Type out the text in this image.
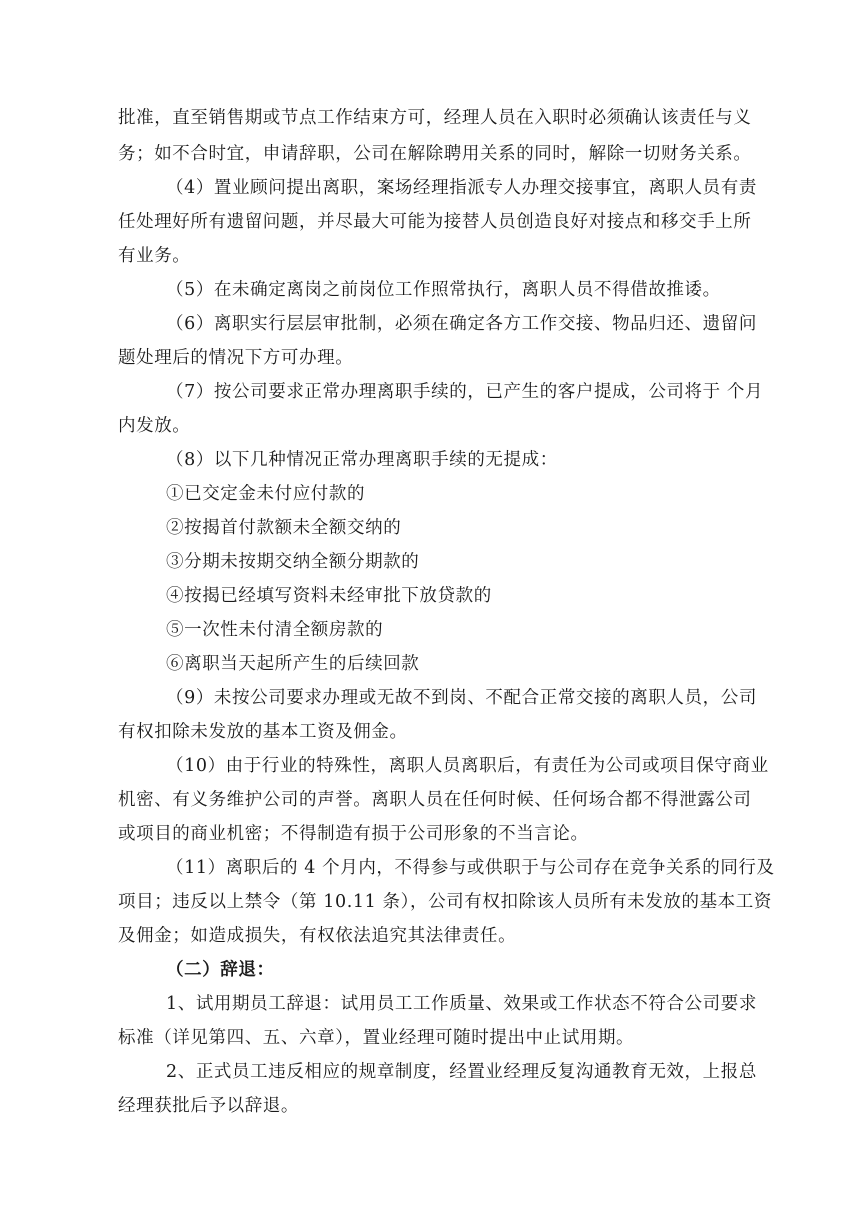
批准，直至销售期或节点工作结束方可，经理人员在入职时必须确认该责任与义
务；如不合时宜，申请辞职，公司在解除聘用关系的同时，解除一切财务关系。
（4）置业顾问提出离职，案场经理指派专人办理交接事宜，离职人员有责
任处理好所有遗留问题，并尽最大可能为接替人员创造良好对接点和移交手上所
有业务。
（5）在未确定离岗之前岗位工作照常执行，离职人员不得借故推诿。
（6）离职实行层层审批制，必须在确定各方工作交接、物品归还、遗留问
题处理后的情况下方可办理。
（7）按公司要求正常办理离职手续的，已产生的客户提成，公司将于 个月
内发放。
（8）以下几种情况正常办理离职手续的无提成：
①已交定金未付应付款的
②按揭首付款额未全额交纳的
③分期未按期交纳全额分期款的
④按揭已经填写资料未经审批下放贷款的
⑤一次性未付清全额房款的
⑥离职当天起所产生的后续回款
（9）未按公司要求办理或无故不到岗、不配合正常交接的离职人员，公司
有权扣除未发放的基本工资及佣金。
（10）由于行业的特殊性，离职人员离职后，有责任为公司或项目保守商业
机密、有义务维护公司的声誉。离职人员在任何时候、任何场合都不得泄露公司
或项目的商业机密；不得制造有损于公司形象的不当言论。
（11）离职后的 4 个月内，不得参与或供职于与公司存在竞争关系的同行及
项目；违反以上禁令（第 10.11 条），公司有权扣除该人员所有未发放的基本工资
及佣金；如造成损失，有权依法追究其法律责任。
（二）辞退：
1、试用期员工辞退：试用员工工作质量、效果或工作状态不符合公司要求
标准（详见第四、五、六章），置业经理可随时提出中止试用期。
2、正式员工违反相应的规章制度，经置业经理反复沟通教育无效，上报总
经理获批后予以辞退。
